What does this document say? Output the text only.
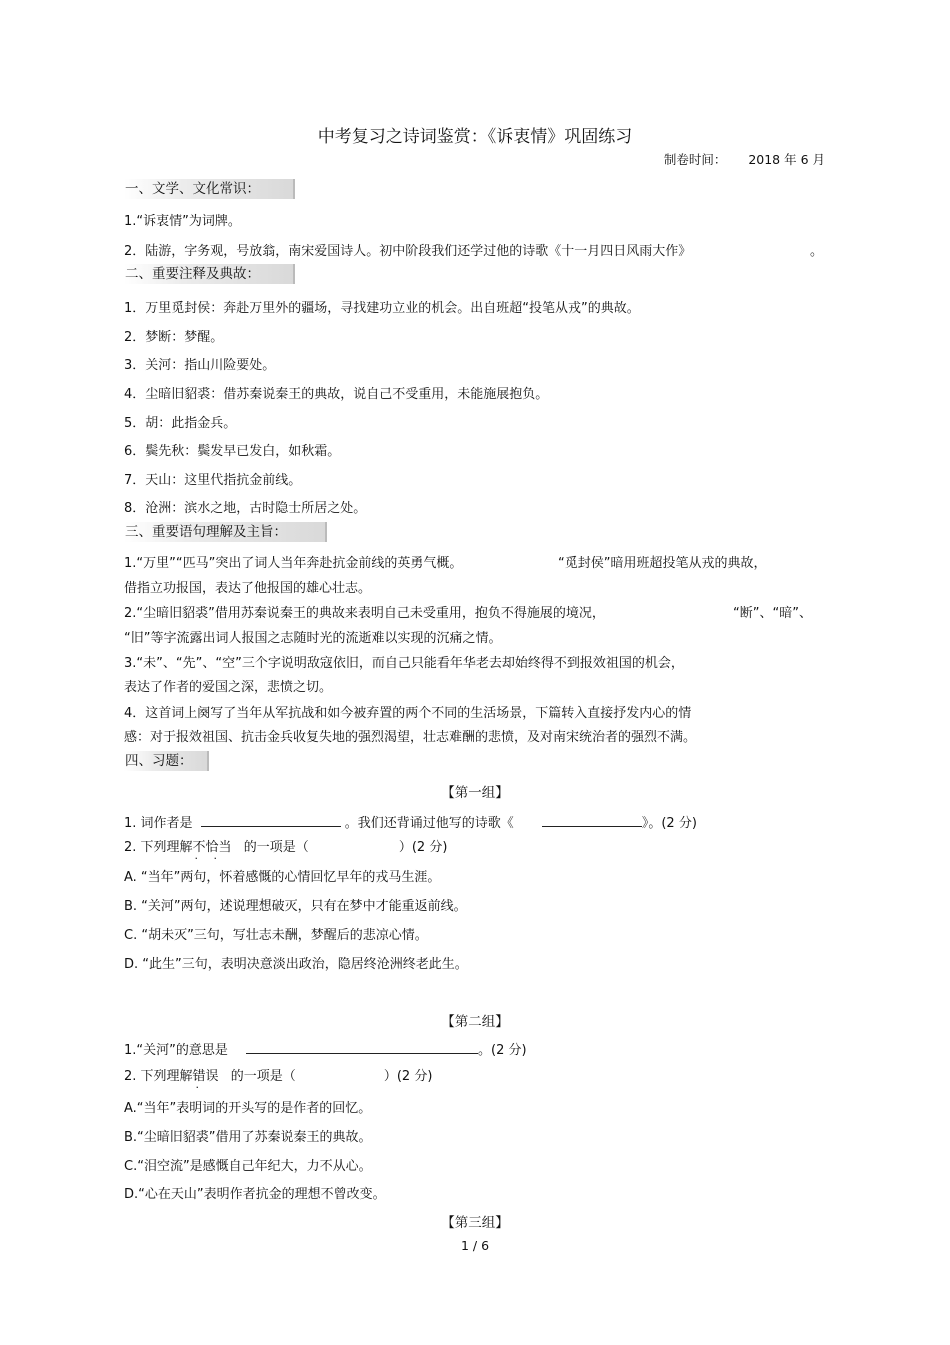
中考复习之诗词鉴赏：《诉衷情》巩固练习
制卷时间： 2018 年 6 月
一、文学、文化常识：
1.“诉衷情”为词牌。
2．陆游，字务观，号放翁，南宋爱国诗人。初中阶段我们还学过他的诗歌《十一月四日风雨大作》	。
二、重要注释及典故：
1．万里觅封侯：奔赴万里外的疆场，寻找建功立业的机会。出自班超“投笔从戎”的典故。
2．梦断：梦醒。
3．关河：指山川险要处。
4．尘暗旧貂裘：借苏秦说秦王的典故，说自己不受重用，未能施展抱负。
5．胡：此指金兵。
6．鬓先秋：鬓发早已发白，如秋霜。
7．天山：这里代指抗金前线。
8．沧洲：滨水之地，古时隐士所居之处。
三、重要语句理解及主旨：
1.“万里”“匹马”突出了词人当年奔赴抗金前线的英勇气概。	“觅封侯”暗用班超投笔从戎的典故，
借指立功报国，表达了他报国的雄心壮志。
2.“尘暗旧貂裘”借用苏秦说秦王的典故来表明自己未受重用，抱负不得施展的境况，	“断”、“暗”、
“旧”等字流露出词人报国之志随时光的流逝难以实现的沉痛之情。
3.“未”、“先”、“空”三个字说明敌寇依旧，而自己只能看年华老去却始终得不到报效祖国的机会，
表达了作者的爱国之深，悲愤之切。
4．这首词上阕写了当年从军抗战和如今被弃置的两个不同的生活场景，下篇转入直接抒发内心的情
感：对于报效祖国、抗击金兵收复失地的强烈渴望，壮志难酬的悲愤，及对南宋统治者的强烈不满。
四、习题：
【第一组】
1. 词作者是	。我们还背诵过他写的诗歌《	》。(2 分)
2. 下列理解不恰当 · · 的一项是（	）(2 分)
A. “当年”两句，怀着感慨的心情回忆早年的戎马生涯。
B. “关河”两句，述说理想破灭，只有在梦中才能重返前线。
C. “胡未灭”三句，写壮志未酬，梦醒后的悲凉心情。
D. “此生”三句，表明决意淡出政治，隐居终沧洲终老此生。
【第二组】
1.“关河”的意思是	。(2 分)
2. 下列理解错误 的一项是（	）(2 分)
A.“当年”表明词的开头写的是作者的回忆。
B.“尘暗旧貂裘”借用了苏秦说秦王的典故。
C.“泪空流”是感慨自己年纪大，力不从心。
D.“心在天山”表明作者抗金的理想不曾改变。
【第三组】
1 / 6
